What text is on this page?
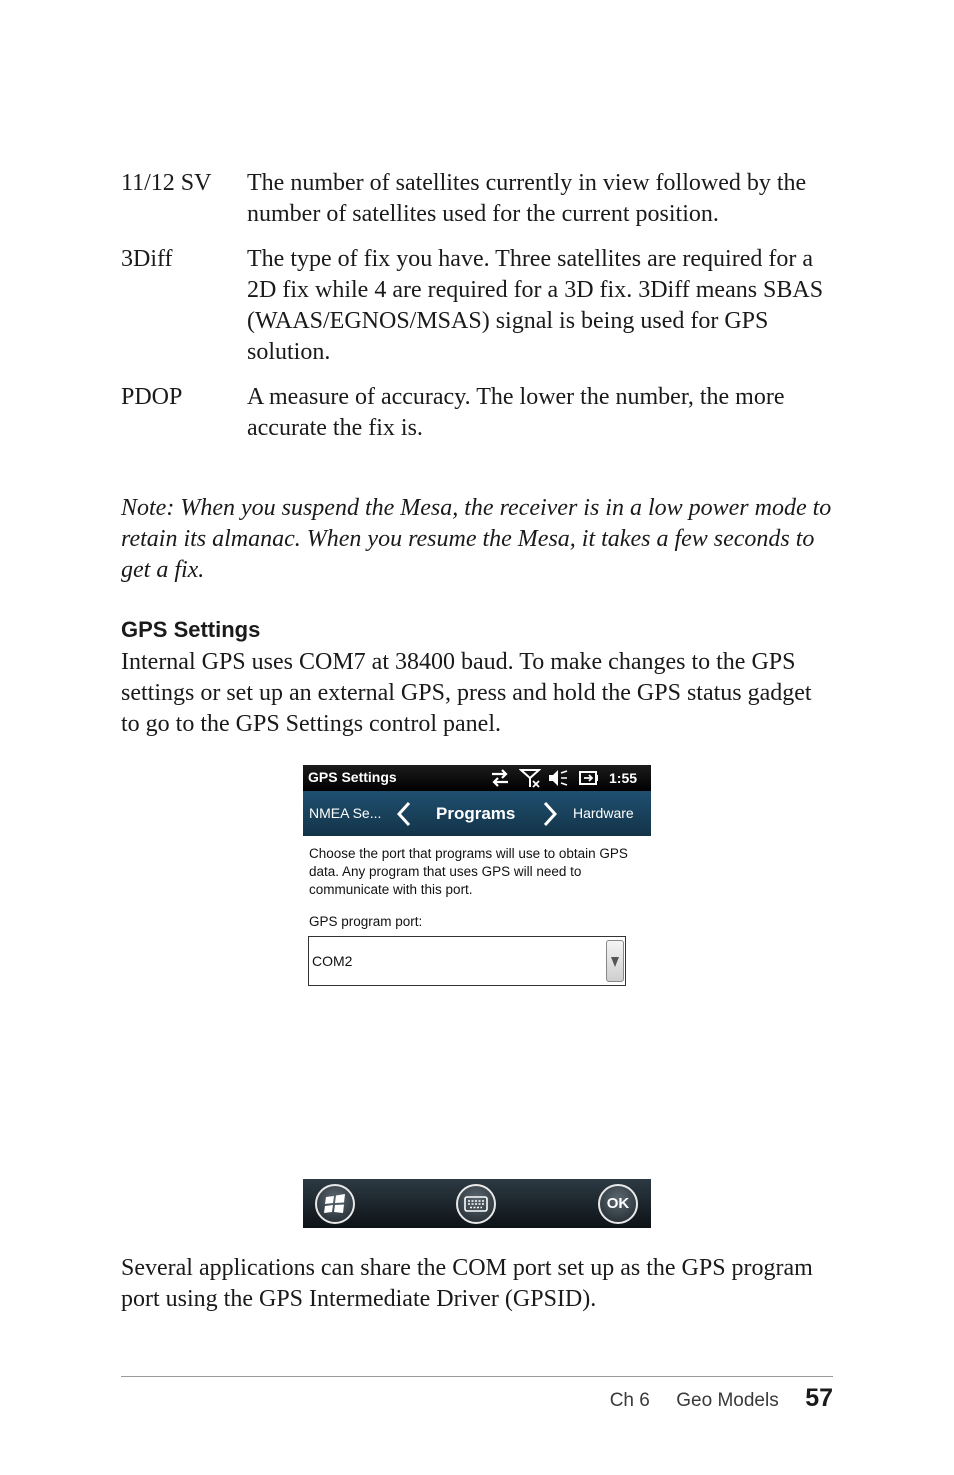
11/12 SV	The number of satellites currently in view followed by the number of satellites used for the current position.
3Diff	The type of fix you have. Three satellites are required for a 2D fix while 4 are required for a 3D fix. 3Diff means SBAS (WAAS/EGNOS/MSAS) signal is being used for GPS solution.
PDOP	A measure of accuracy. The lower the number, the more accurate the fix is.
Note: When you suspend the Mesa, the receiver is in a low power mode to retain its almanac. When you resume the Mesa, it takes a few seconds to get a fix.
GPS Settings
Internal GPS uses COM7 at 38400 baud. To make changes to the GPS settings or set up an external GPS, press and hold the GPS status gadget to go to the GPS Settings control panel.
GPS Settings	1:55
NMEA Se...	Programs	Hardware
Choose the port that programs will use to obtain GPS data. Any program that uses GPS will need to communicate with this port.
GPS program port:
COM2
OK
Several applications can share the COM port set up as the GPS program port using the GPS Intermediate Driver (GPSID).
Ch 6 Geo Models 57
